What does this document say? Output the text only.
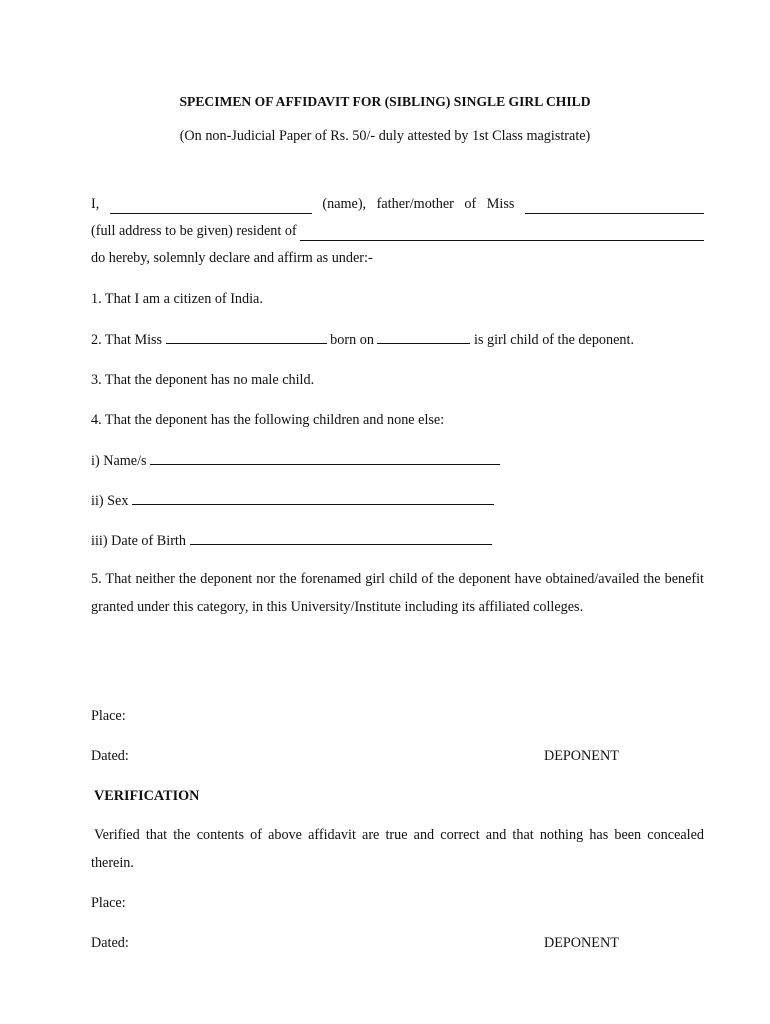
SPECIMEN OF AFFIDAVIT FOR (SIBLING) SINGLE GIRL CHILD
(On non-Judicial Paper of Rs. 50/- duly attested by 1st Class magistrate)
I,	(name), father/mother of Miss
(full address to be given) resident of
do hereby, solemnly declare and affirm as under:-
1. That I am a citizen of India.
2. That Miss	born on	is girl child of the deponent.
3. That the deponent has no male child.
4. That the deponent has the following children and none else:
i) Name/s
ii) Sex
iii) Date of Birth
5. That neither the deponent nor the forenamed girl child of the deponent have obtained/availed the benefit granted under this category, in this University/Institute including its affiliated colleges.
Place:
Dated:	DEPONENT
VERIFICATION
Verified that the contents of above affidavit are true and correct and that nothing has been concealed therein.
Place:
Dated:	DEPONENT
